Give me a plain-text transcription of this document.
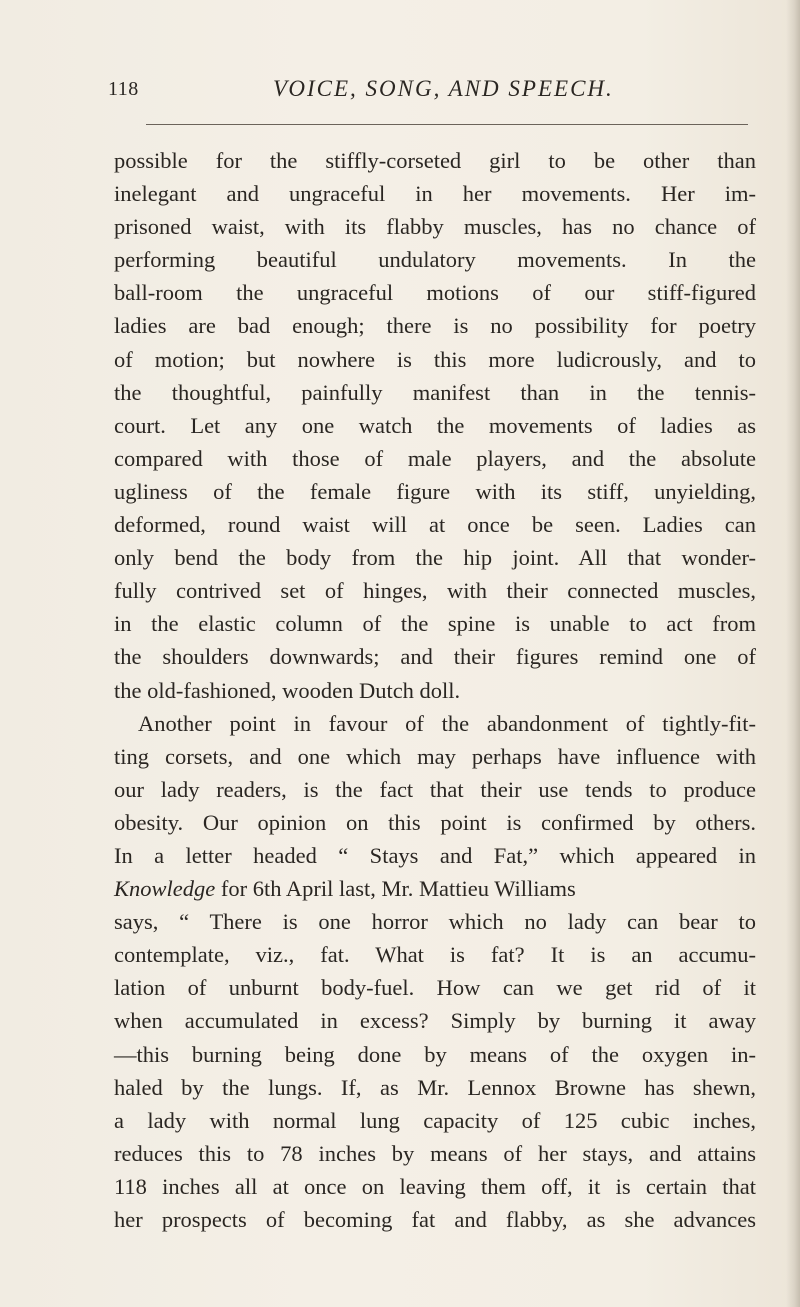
118	VOICE, SONG, AND SPEECH.
possible for the stiffly-corseted girl to be other than
inelegant and ungraceful in her movements. Her im-
prisoned waist, with its flabby muscles, has no chance of
performing beautiful undulatory movements. In the
ball-room the ungraceful motions of our stiff-figured
ladies are bad enough; there is no possibility for poetry
of motion; but nowhere is this more ludicrously, and to
the thoughtful, painfully manifest than in the tennis-
court. Let any one watch the movements of ladies as
compared with those of male players, and the absolute
ugliness of the female figure with its stiff, unyielding,
deformed, round waist will at once be seen. Ladies can
only bend the body from the hip joint. All that wonder-
fully contrived set of hinges, with their connected muscles,
in the elastic column of the spine is unable to act from
the shoulders downwards; and their figures remind one of
the old-fashioned, wooden Dutch doll.
Another point in favour of the abandonment of tightly-fit-
ting corsets, and one which may perhaps have influence with
our lady readers, is the fact that their use tends to produce
obesity. Our opinion on this point is confirmed by others.
In a letter headed “ Stays and Fat,” which appeared in
Knowledge for 6th April last, Mr. Mattieu Williams
says, “ There is one horror which no lady can bear to
contemplate, viz., fat. What is fat? It is an accumu-
lation of unburnt body-fuel. How can we get rid of it
when accumulated in excess? Simply by burning it away
—this burning being done by means of the oxygen in-
haled by the lungs. If, as Mr. Lennox Browne has shewn,
a lady with normal lung capacity of 125 cubic inches,
reduces this to 78 inches by means of her stays, and attains
118 inches all at once on leaving them off, it is certain that
her prospects of becoming fat and flabby, as she advances
